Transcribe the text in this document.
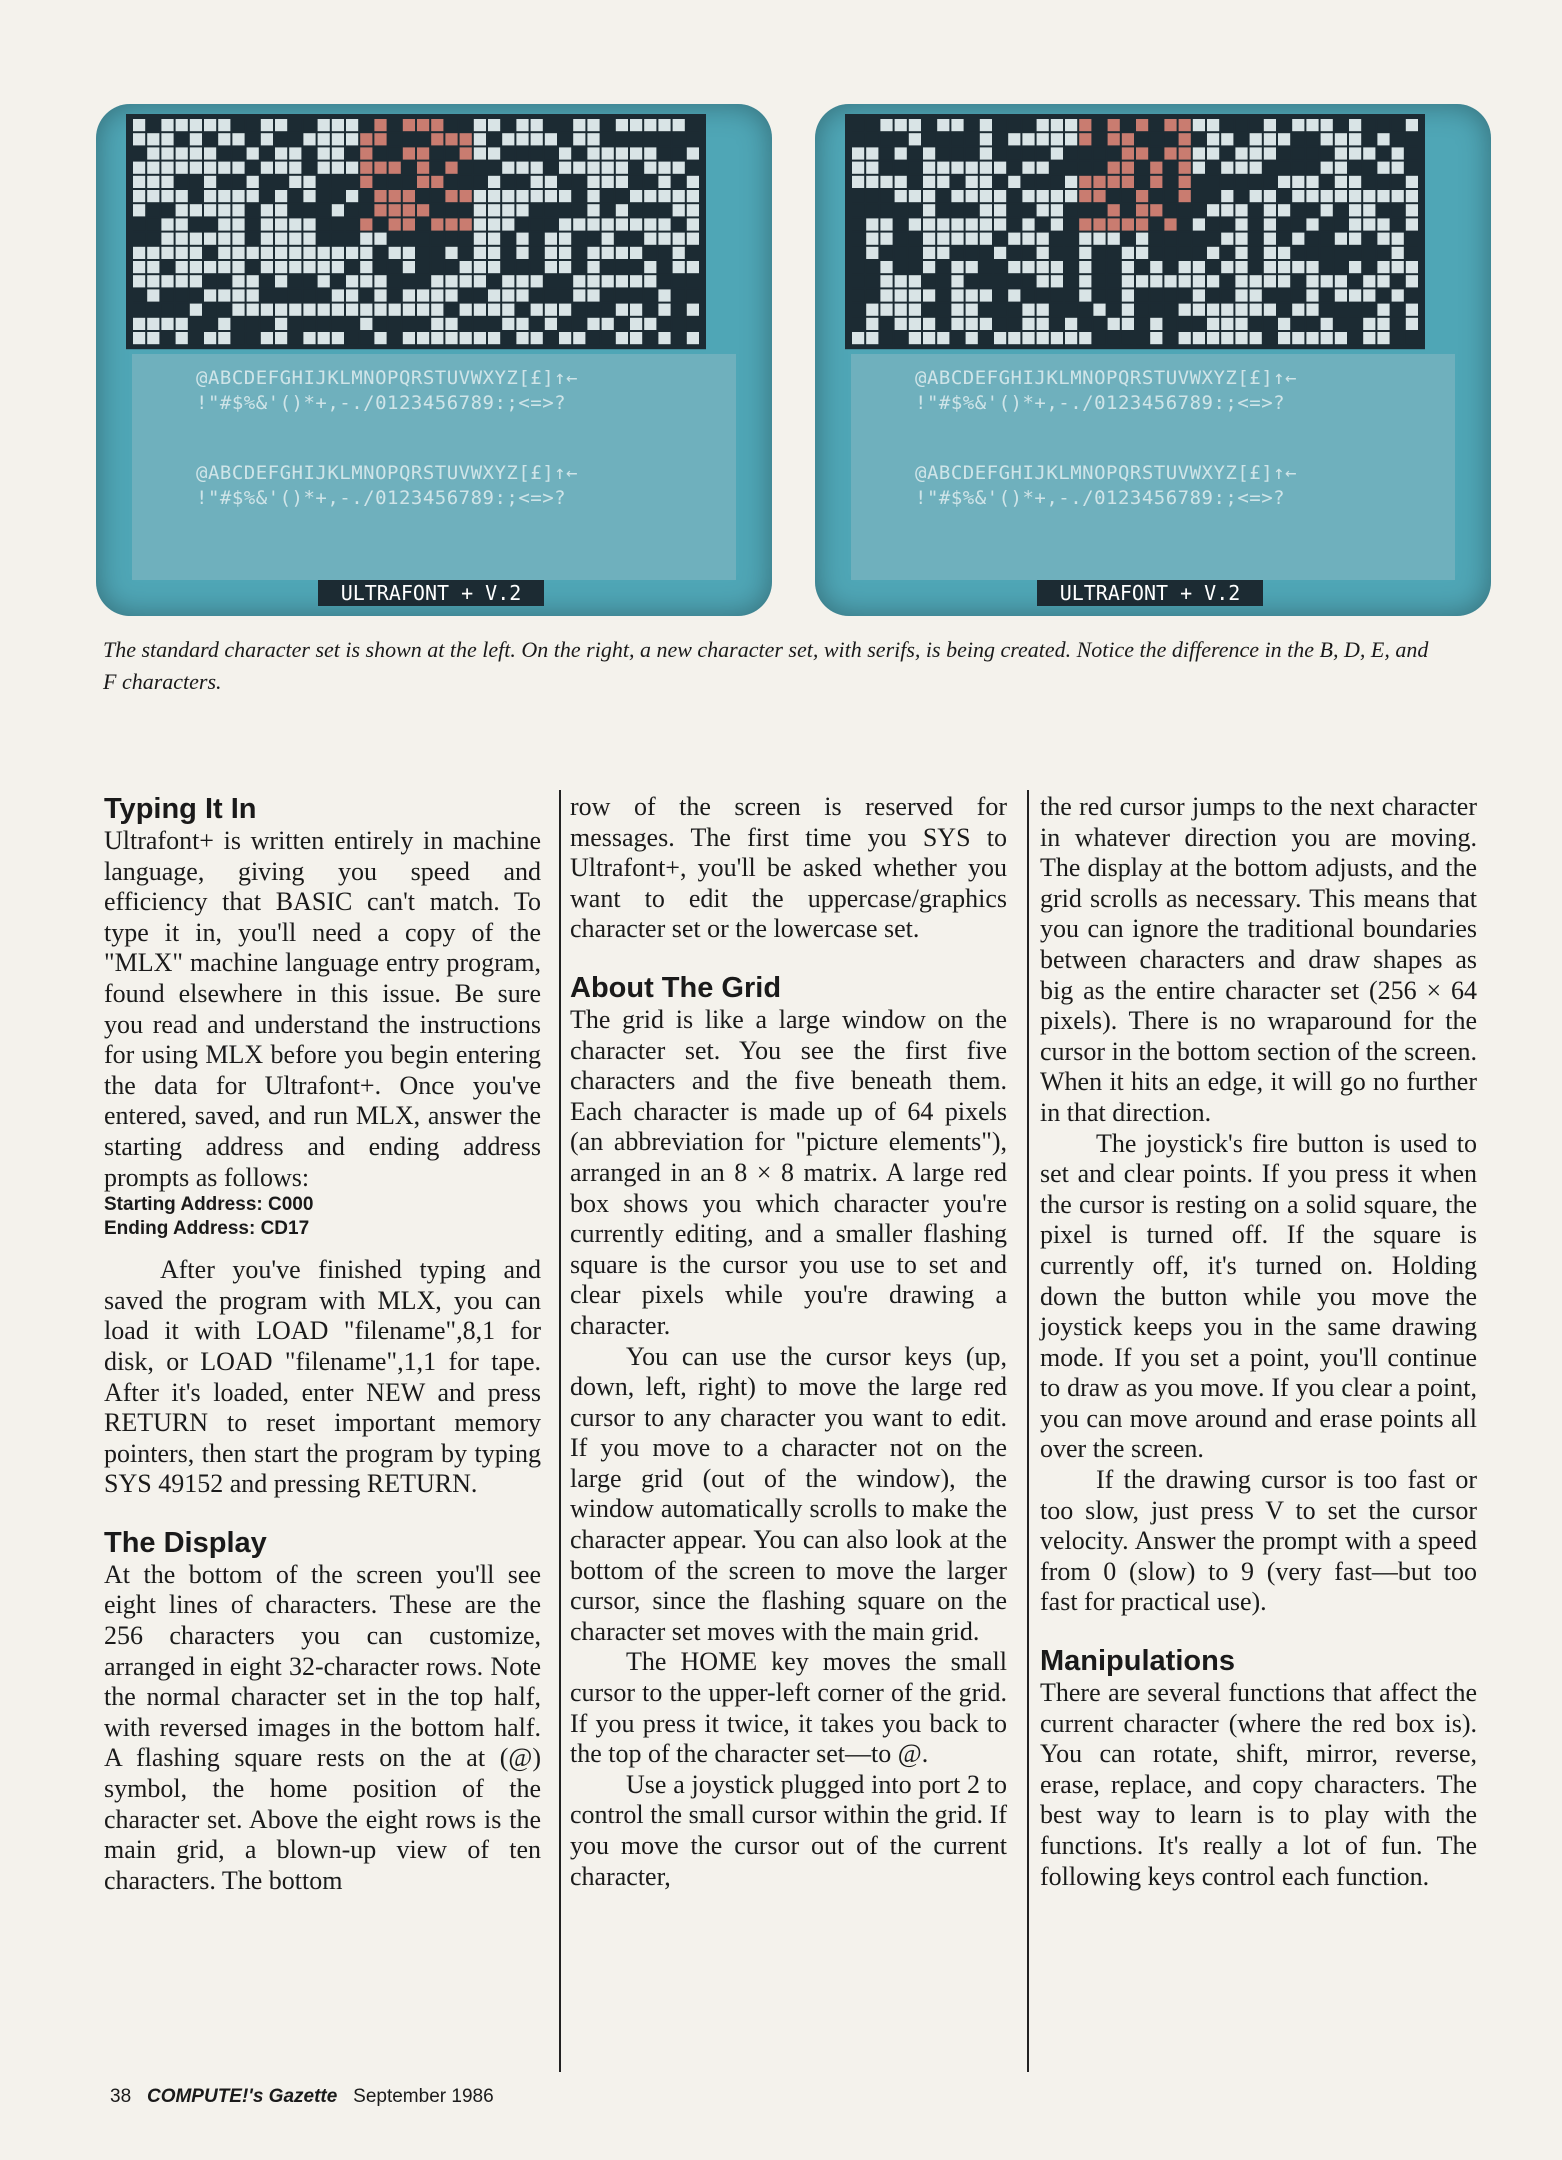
@ABCDEFGHIJKLMNOPQRSTUVWXYZ[£]↑←
!"#$%&'()*+,-./0123456789:;<=>?
@ABCDEFGHIJKLMNOPQRSTUVWXYZ[£]↑←
!"#$%&'()*+,-./0123456789:;<=>?
ULTRAFONT + V.2
@ABCDEFGHIJKLMNOPQRSTUVWXYZ[£]↑←
!"#$%&'()*+,-./0123456789:;<=>?
@ABCDEFGHIJKLMNOPQRSTUVWXYZ[£]↑←
!"#$%&'()*+,-./0123456789:;<=>?
ULTRAFONT + V.2

The standard character set is shown at the left. On the right, a new character set, with serifs, is being created. Notice the difference in the B, D, E, and F characters.

Typing It In

Ultrafont+ is written entirely in machine language, giving you speed and efficiency that BASIC can't match. To type it in, you'll need a copy of the "MLX" machine language entry program, found elsewhere in this issue. Be sure you read and understand the instructions for using MLX before you begin entering the data for Ultrafont+. Once you've entered, saved, and run MLX, answer the starting address and ending address prompts as follows:

Starting Address: C000
Ending Address: CD17

After you've finished typing and saved the program with MLX, you can load it with LOAD "filename",8,1 for disk, or LOAD "filename",1,1 for tape. After it's loaded, enter NEW and press RETURN to reset important memory pointers, then start the program by typing SYS 49152 and pressing RETURN.

The Display

At the bottom of the screen you'll see eight lines of characters. These are the 256 characters you can customize, arranged in eight 32-character rows. Note the normal character set in the top half, with reversed images in the bottom half. A flashing square rests on the at (@) symbol, the home position of the character set. Above the eight rows is the main grid, a blown-up view of ten characters. The bottom

row of the screen is reserved for messages. The first time you SYS to Ultrafont+, you'll be asked whether you want to edit the uppercase/graphics character set or the lowercase set.

About The Grid

The grid is like a large window on the character set. You see the first five characters and the five beneath them. Each character is made up of 64 pixels (an abbreviation for "picture elements"), arranged in an 8 × 8 matrix. A large red box shows you which character you're currently editing, and a smaller flashing square is the cursor you use to set and clear pixels while you're drawing a character.

You can use the cursor keys (up, down, left, right) to move the large red cursor to any character you want to edit. If you move to a character not on the large grid (out of the window), the window automatically scrolls to make the character appear. You can also look at the bottom of the screen to move the larger cursor, since the flashing square on the character set moves with the main grid.

The HOME key moves the small cursor to the upper-left corner of the grid. If you press it twice, it takes you back to the top of the character set—to @.

Use a joystick plugged into port 2 to control the small cursor within the grid. If you move the cursor out of the current character,

the red cursor jumps to the next character in whatever direction you are moving. The display at the bottom adjusts, and the grid scrolls as necessary. This means that you can ignore the traditional boundaries between characters and draw shapes as big as the entire character set (256 × 64 pixels). There is no wraparound for the cursor in the bottom section of the screen. When it hits an edge, it will go no further in that direction.

The joystick's fire button is used to set and clear points. If you press it when the cursor is resting on a solid square, the pixel is turned off. If the square is currently off, it's turned on. Holding down the button while you move the joystick keeps you in the same drawing mode. If you set a point, you'll continue to draw as you move. If you clear a point, you can move around and erase points all over the screen.

If the drawing cursor is too fast or too slow, just press V to set the cursor velocity. Answer the prompt with a speed from 0 (slow) to 9 (very fast—but too fast for practical use).

Manipulations

There are several functions that affect the current character (where the red box is). You can rotate, shift, mirror, reverse, erase, replace, and copy characters. The best way to learn is to play with the functions. It's really a lot of fun. The following keys control each function.

38 COMPUTE!'s Gazette September 1986
